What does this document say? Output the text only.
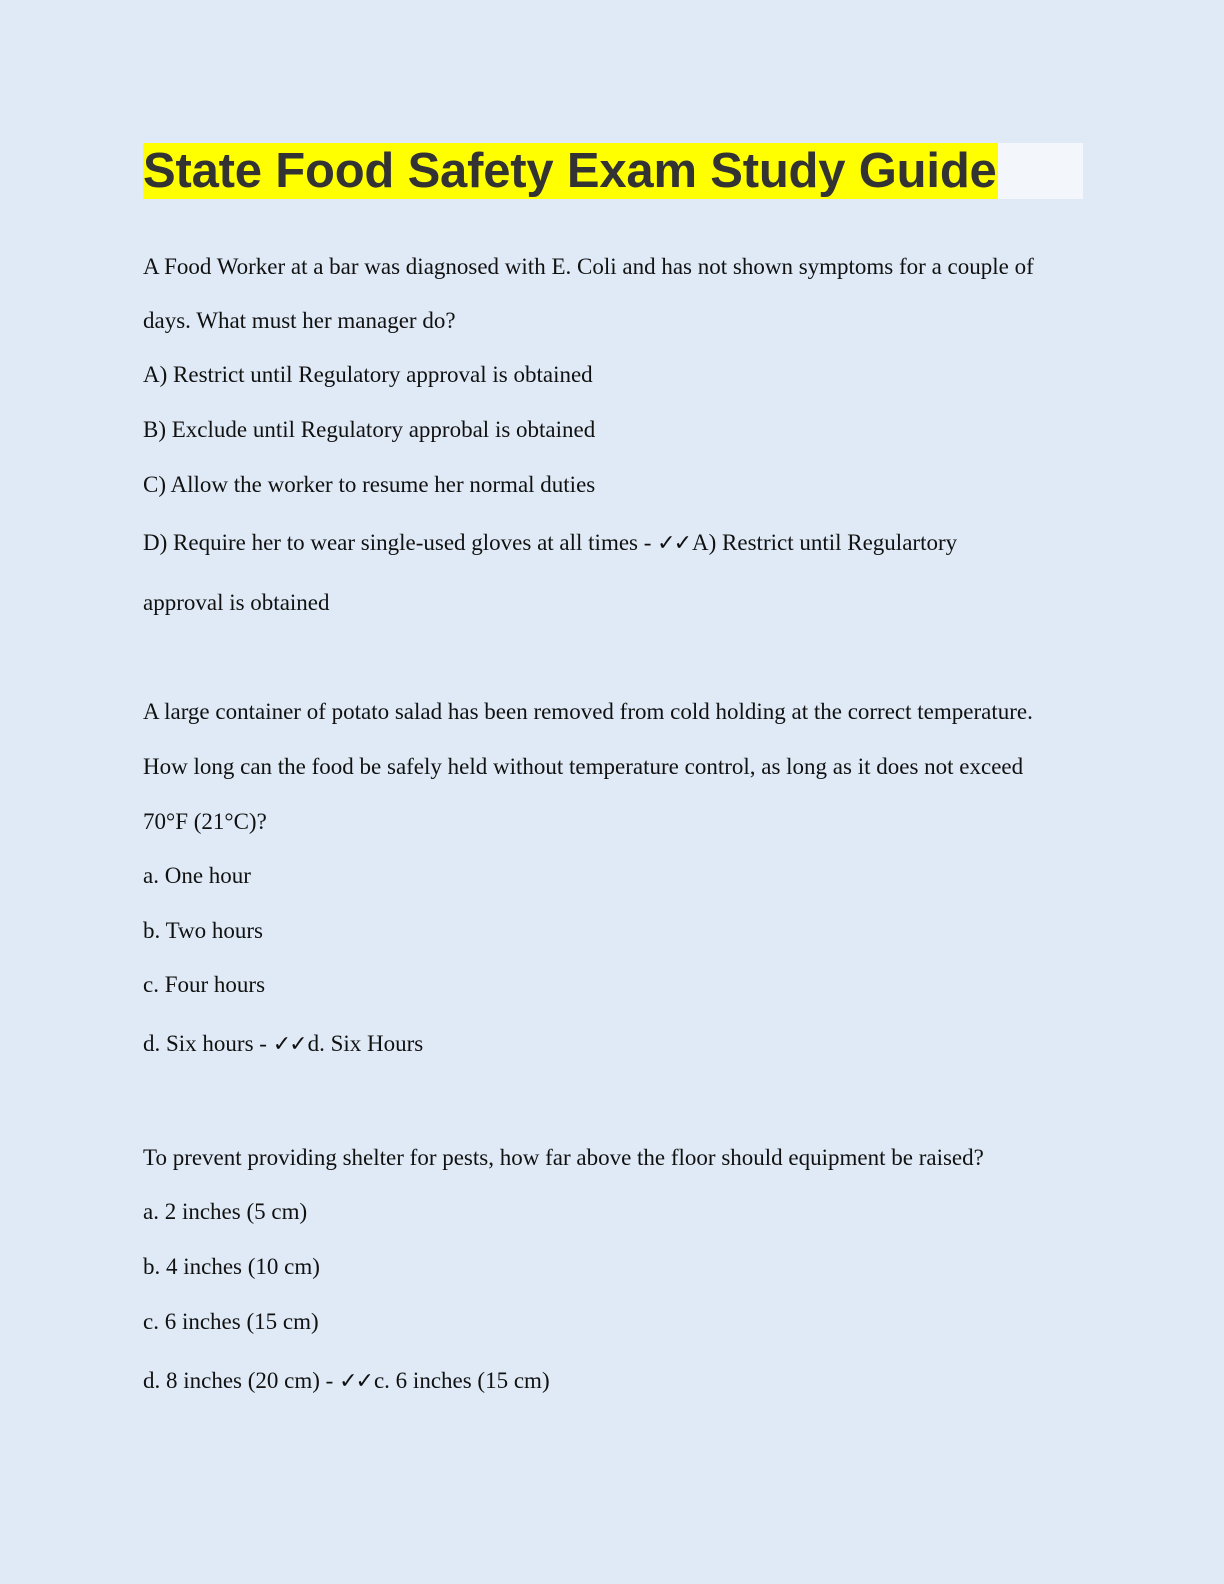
State Food Safety Exam Study Guide
A Food Worker at a bar was diagnosed with E. Coli and has not shown symptoms for a couple of
days. What must her manager do?
A) Restrict until Regulatory approval is obtained
B) Exclude until Regulatory approbal is obtained
C) Allow the worker to resume her normal duties
D) Require her to wear single-used gloves at all times - ✓✓A) Restrict until Regulartory
approval is obtained
A large container of potato salad has been removed from cold holding at the correct temperature.
How long can the food be safely held without temperature control, as long as it does not exceed
70°F (21°C)?
a. One hour
b. Two hours
c. Four hours
d. Six hours - ✓✓d. Six Hours
To prevent providing shelter for pests, how far above the floor should equipment be raised?
a. 2 inches (5 cm)
b. 4 inches (10 cm)
c. 6 inches (15 cm)
d. 8 inches (20 cm) - ✓✓c. 6 inches (15 cm)
